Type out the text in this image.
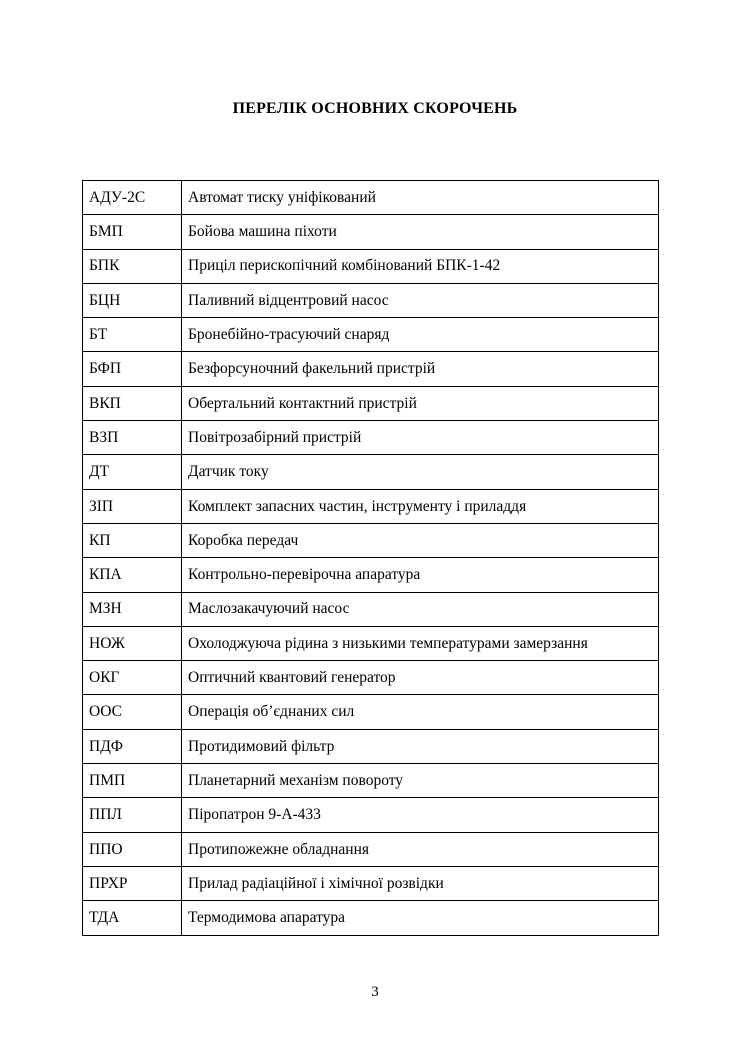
ПЕРЕЛІК ОСНОВНИХ СКОРОЧЕНЬ
АДУ-2С	Автомат тиску уніфікований
БМП	Бойова машина піхоти
БПК	Приціл перископічний комбінований БПК-1-42
БЦН	Паливний відцентровий насос
БТ	Бронебійно-трасуючий снаряд
БФП	Безфорсуночний факельний пристрій
ВКП	Обертальний контактний пристрій
ВЗП	Повітрозабірний пристрій
ДТ	Датчик току
ЗІП	Комплект запасних частин, інструменту і приладдя
КП	Коробка передач
КПА	Контрольно-перевірочна апаратура
МЗН	Маслозакачуючий насос
НОЖ	Охолоджуюча рідина з низькими температурами замерзання
ОКГ	Оптичний квантовий генератор
ООС	Операція об’єднаних сил
ПДФ	Протидимовий фільтр
ПМП	Планетарний механізм повороту
ППЛ	Піропатрон 9-А-433
ППО	Протипожежне обладнання
ПРХР	Прилад радіаційної і хімічної розвідки
ТДА	Термодимова апаратура
3
